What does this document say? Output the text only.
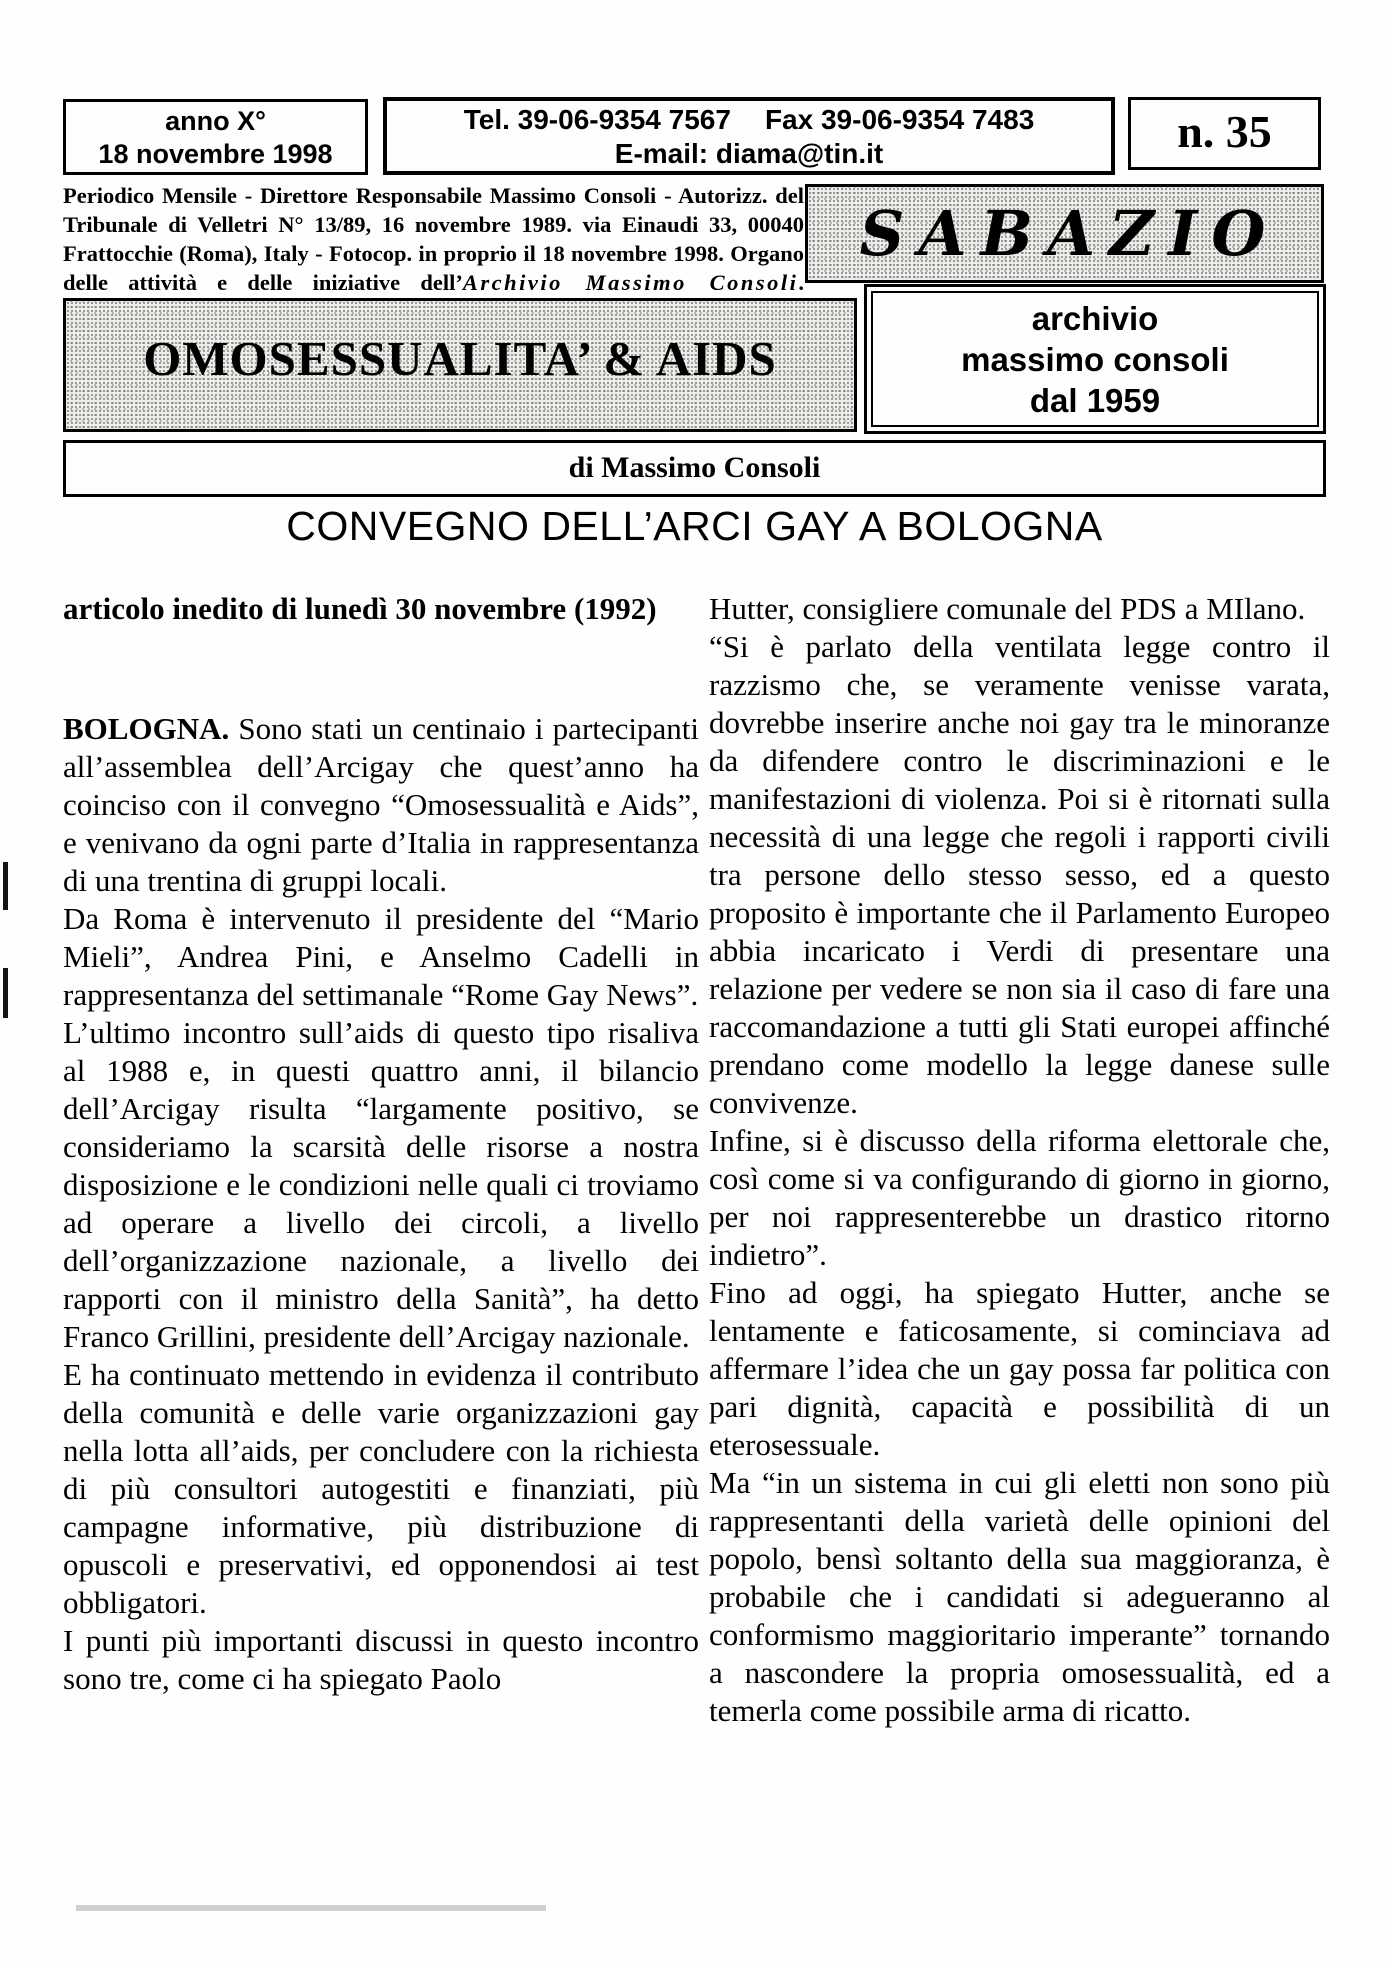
anno X°
18 novembre 1998
Tel. 39-06-9354 7567 Fax 39-06-9354 7483
E-mail: diama@tin.it	n. 35
Periodico Mensile - Direttore Responsabile Massimo Consoli - Autorizz. del
Tribunale di Velletri N° 13/89, 16 novembre 1989. via Einaudi 33, 00040
Frattocchie (Roma), Italy - Fotocop. in proprio il 18 novembre 1998. Organo
delle attività e delle iniziative dell’Archivio Massimo Consoli.
SABAZIO
OMOSESSUALITA’ & AIDS
archivio
massimo consoli
dal 1959
di Massimo Consoli
CONVEGNO DELL’ARCI GAY A BOLOGNA

articolo inedito di lunedì 30 novembre (1992)

BOLOGNA. Sono stati un centinaio i partecipanti all’assemblea dell’Arcigay che quest’anno ha coinciso con il convegno “Omosessualità e Aids”, e venivano da ogni parte d’Italia in rappresentanza di una trentina di gruppi locali.

Da Roma è intervenuto il presidente del “Mario Mieli”, Andrea Pini, e Anselmo Cadelli in rappresentanza del settimanale “Rome Gay News”.

L’ultimo incontro sull’aids di questo tipo risaliva al 1988 e, in questi quattro anni, il bilancio dell’Arcigay risulta “largamente positivo, se consideriamo la scarsità delle risorse a nostra disposizione e le condizioni nelle quali ci troviamo ad operare a livello dei circoli, a livello dell’organizzazione nazionale, a livello dei rapporti con il ministro della Sanità”, ha detto Franco Grillini, presidente dell’Arcigay nazionale.

E ha continuato mettendo in evidenza il contributo della comunità e delle varie organizzazioni gay nella lotta all’aids, per concludere con la richiesta di più consultori autogestiti e finanziati, più campagne informative, più distribuzione di opuscoli e preservativi, ed opponendosi ai test obbligatori.

I punti più importanti discussi in questo incontro sono tre, come ci ha spiegato Paolo

Hutter, consigliere comunale del PDS a MIlano.

“Si è parlato della ventilata legge contro il razzismo che, se veramente venisse varata, dovrebbe inserire anche noi gay tra le minoranze da difendere contro le discriminazioni e le manifestazioni di violenza. Poi si è ritornati sulla necessità di una legge che regoli i rapporti civili tra persone dello stesso sesso, ed a questo proposito è importante che il Parlamento Europeo abbia incaricato i Verdi di presentare una relazione per vedere se non sia il caso di fare una raccomandazione a tutti gli Stati europei affinché prendano come modello la legge danese sulle convivenze.

Infine, si è discusso della riforma elettorale che, così come si va configurando di giorno in giorno, per noi rappresenterebbe un drastico ritorno indietro”.

Fino ad oggi, ha spiegato Hutter, anche se lentamente e faticosamente, si cominciava ad affermare l’idea che un gay possa far politica con pari dignità, capacità e possibilità di un eterosessuale.

Ma “in un sistema in cui gli eletti non sono più rappresentanti della varietà delle opinioni del popolo, bensì soltanto della sua maggioranza, è probabile che i candidati si adegueranno al conformismo maggioritario imperante” tornando a nascondere la propria omosessualità, ed a temerla come possibile arma di ricatto.
